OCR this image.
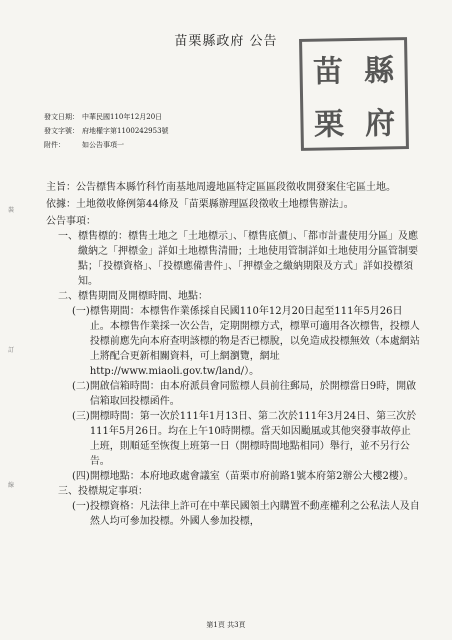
苗栗縣政府 公告
苗 縣
栗 府
發文日期： 中華民國110年12月20日
發文字號： 府地權字第1100242953號
附件：	如公告事項一
裝
訂
線
主旨： 公告標售本縣竹科竹南基地周邊地區特定區區段徵收開發案住宅區土地。
依據： 土地徵收條例第44條及「苗栗縣辦理區段徵收土地標售辦法」。
公告事項：
一、 標售標的：標售土地之「土地標示」、「標售底價」、「都市計畫使用分區」及應繳納之「押標金」詳如土地標售清冊；土地使用管制詳如土地使用分區管制要點；「投標資格」、「投標應備書件」、「押標金之繳納期限及方式」詳如投標須知。
二、 標售期間及開標時間、地點：
(一) 標售期間：本標售作業係採自民國110年12月20日起至111年5月26日止。本標售作業採一次公告，定期開標方式，標單可適用各次標售，投標人投標前應先向本府查明該標的物是否已標脫，以免造成投標無效（本處網站上將配合更新相關資料，可上網瀏覽，網址http://www.miaoli.gov.tw/land/）。
(二) 開啟信箱時間：由本府派員會同監標人員前往郵局，於開標當日9時，開啟信箱取回投標函件。
(三) 開標時間：第一次於111年1月13日、第二次於111年3月24日、第三次於111年5月26日。均在上午10時開標。當天如因颱風或其他突發事故停止上班，則順延至恢復上班第一日（開標時間地點相同）舉行，並不另行公告。
(四) 開標地點：本府地政處會議室（苗栗市府前路1號本府第2辦公大樓2樓）。
三、 投標規定事項：
(一) 投標資格：凡法律上許可在中華民國領土內購置不動產權利之公私法人及自然人均可參加投標。外國人參加投標，
第1頁 共3頁
